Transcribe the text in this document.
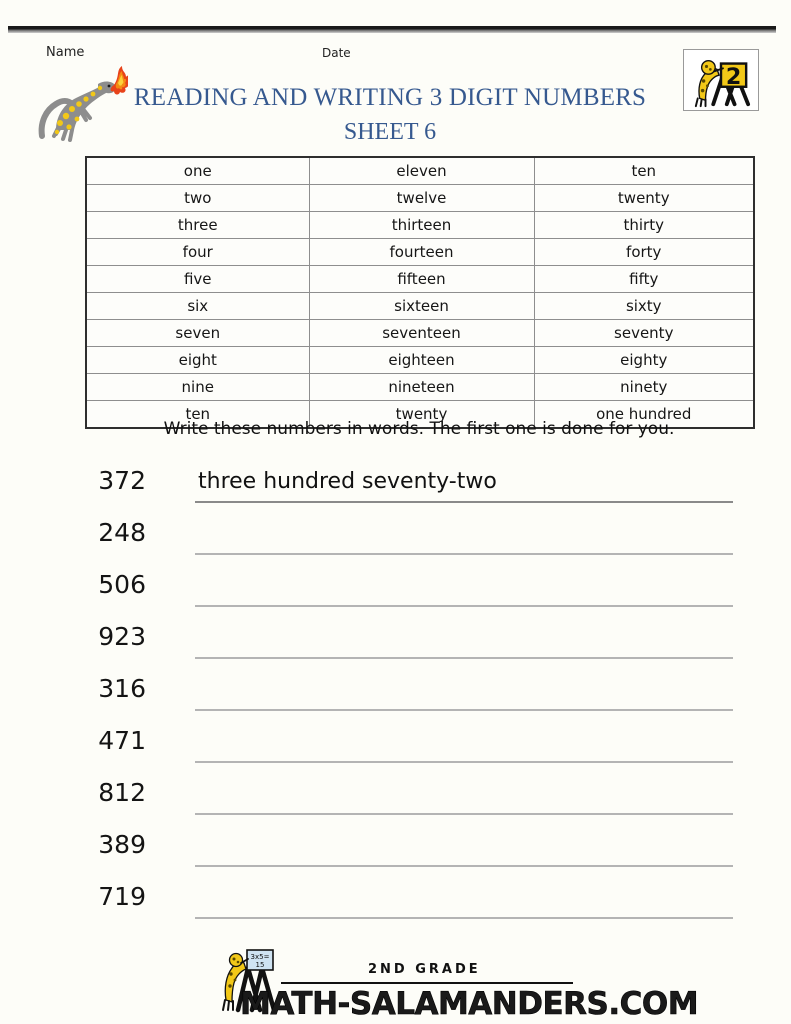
Name	Date
READING AND WRITING 3 DIGIT NUMBERS
SHEET 6
2
one	eleven	ten
two	twelve	twenty
three	thirteen	thirty
four	fourteen	forty
five	fifteen	fifty
six	sixteen	sixty
seven	seventeen	seventy
eight	eighteen	eighty
nine	nineteen	ninety
ten	twenty	one hundred
Write these numbers in words. The first one is done for you.
372 three hundred seventy-two
248
506
923
316
471
812
389
719
3x5=
15	2ND GRADE
MATH-SALAMANDERS.COM
